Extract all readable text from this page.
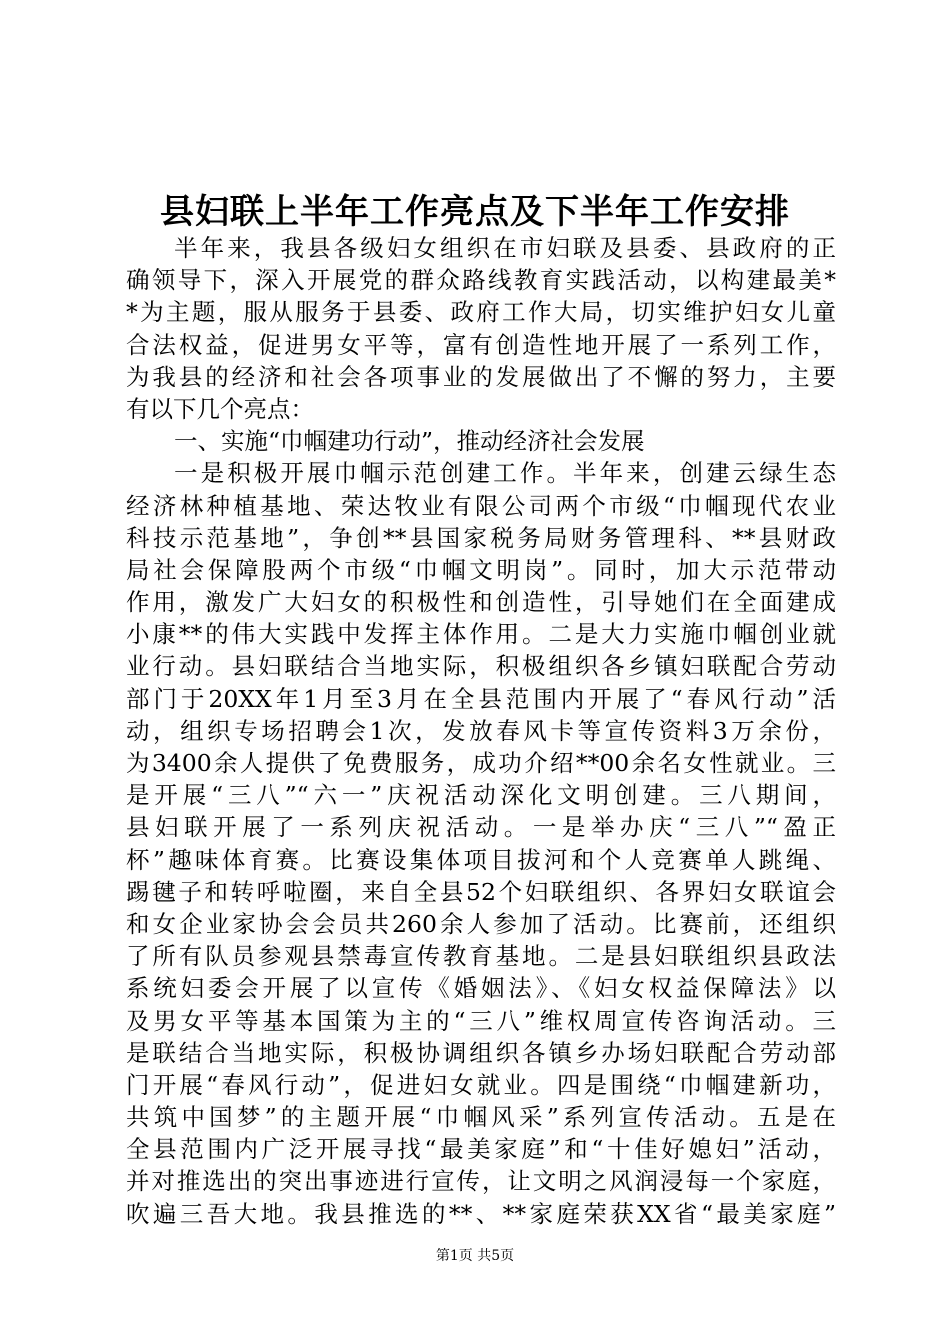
县妇联上半年工作亮点及下半年工作安排
半年来，我县各级妇女组织在市妇联及县委、县政府的正
确领导下，深入开展党的群众路线教育实践活动，以构建最美*
*为主题，服从服务于县委、政府工作大局，切实维护妇女儿童
合法权益，促进男女平等，富有创造性地开展了一系列工作，
为我县的经济和社会各项事业的发展做出了不懈的努力，主要
有以下几个亮点：
一、实施“巾帼建功行动”，推动经济社会发展
一是积极开展巾帼示范创建工作。半年来，创建云绿生态
经济林种植基地、荣达牧业有限公司两个市级“巾帼现代农业
科技示范基地”，争创**县国家税务局财务管理科、**县财政
局社会保障股两个市级“巾帼文明岗”。同时，加大示范带动
作用，激发广大妇女的积极性和创造性，引导她们在全面建成
小康**的伟大实践中发挥主体作用。二是大力实施巾帼创业就
业行动。县妇联结合当地实际，积极组织各乡镇妇联配合劳动
部门于20XX年1月至3月在全县范围内开展了“春风行动”活
动，组织专场招聘会1次，发放春风卡等宣传资料3万余份，
为3400余人提供了免费服务，成功介绍**00余名女性就业。三
是开展“三八”“六一”庆祝活动深化文明创建。三八期间，
县妇联开展了一系列庆祝活动。一是举办庆“三八”“盈正
杯”趣味体育赛。比赛设集体项目拔河和个人竞赛单人跳绳、
踢毽子和转呼啦圈，来自全县52个妇联组织、各界妇女联谊会
和女企业家协会会员共260余人参加了活动。比赛前，还组织
了所有队员参观县禁毒宣传教育基地。二是县妇联组织县政法
系统妇委会开展了以宣传《婚姻法》、《妇女权益保障法》以
及男女平等基本国策为主的“三八”维权周宣传咨询活动。三
是联结合当地实际，积极协调组织各镇乡办场妇联配合劳动部
门开展“春风行动”，促进妇女就业。四是围绕“巾帼建新功，
共筑中国梦”的主题开展“巾帼风采”系列宣传活动。五是在
全县范围内广泛开展寻找“最美家庭”和“十佳好媳妇”活动，
并对推选出的突出事迹进行宣传，让文明之风润浸每一个家庭，
吹遍三吾大地。我县推选的**、**家庭荣获XX省“最美家庭”
第1页 共5页
